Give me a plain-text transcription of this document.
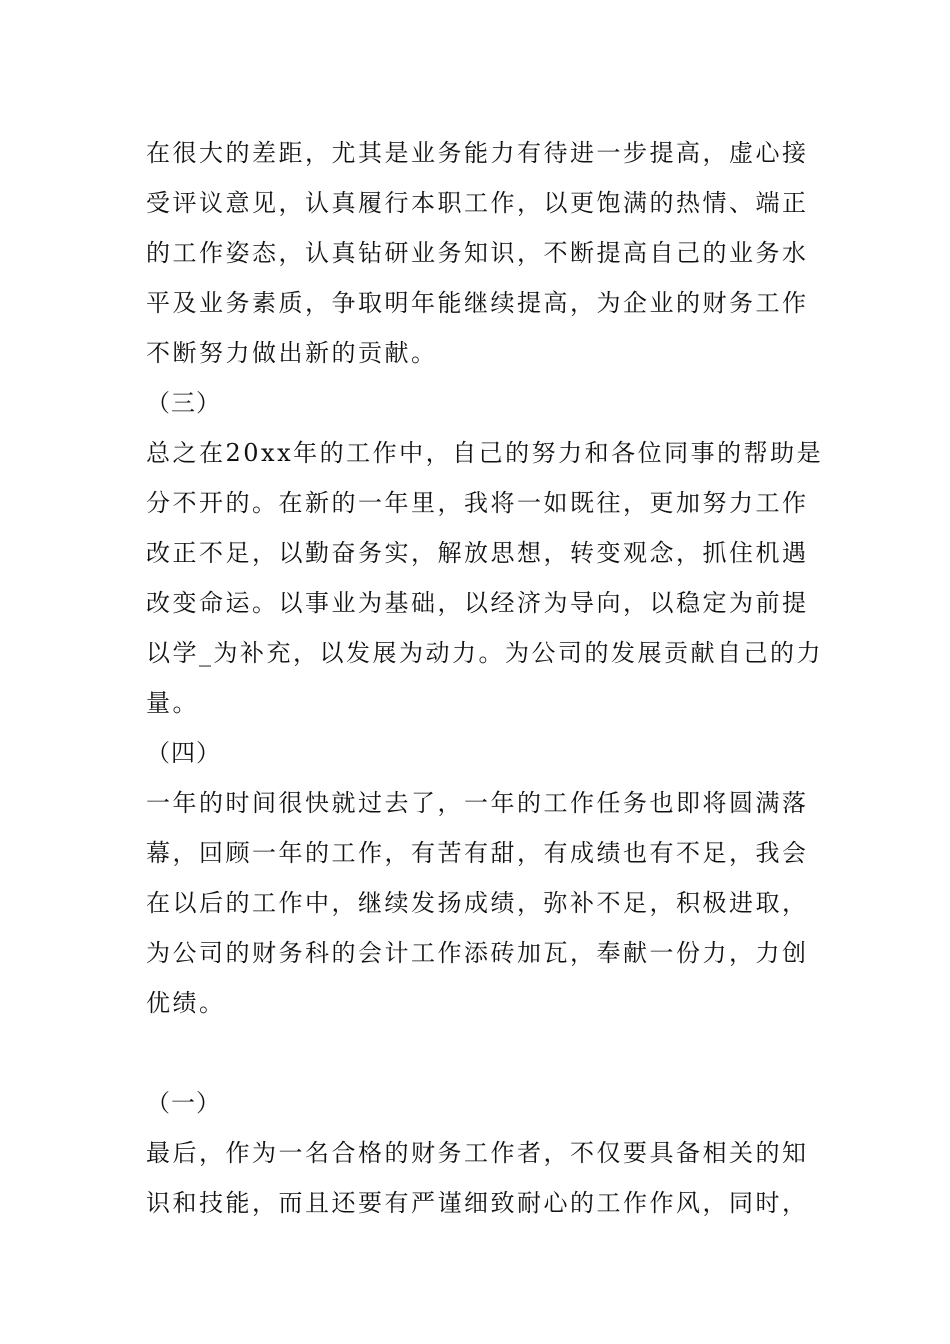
在很大的差距，尤其是业务能力有待进一步提高，虚心接
受评议意见，认真履行本职工作，以更饱满的热情、端正
的工作姿态，认真钻研业务知识，不断提高自己的业务水
平及业务素质，争取明年能继续提高，为企业的财务工作
不断努力做出新的贡献。
（三）
总之在20xx年的工作中，自己的努力和各位同事的帮助是
分不开的。在新的一年里，我将一如既往，更加努力工作
改正不足，以勤奋务实，解放思想，转变观念，抓住机遇
改变命运。以事业为基础，以经济为导向，以稳定为前提
以学_为补充，以发展为动力。为公司的发展贡献自己的力
量。
（四）
一年的时间很快就过去了，一年的工作任务也即将圆满落
幕，回顾一年的工作，有苦有甜，有成绩也有不足，我会
在以后的工作中，继续发扬成绩，弥补不足，积极进取，
为公司的财务科的会计工作添砖加瓦，奉献一份力，力创
优绩。
（一）
最后，作为一名合格的财务工作者，不仅要具备相关的知
识和技能，而且还要有严谨细致耐心的工作作风，同时，
